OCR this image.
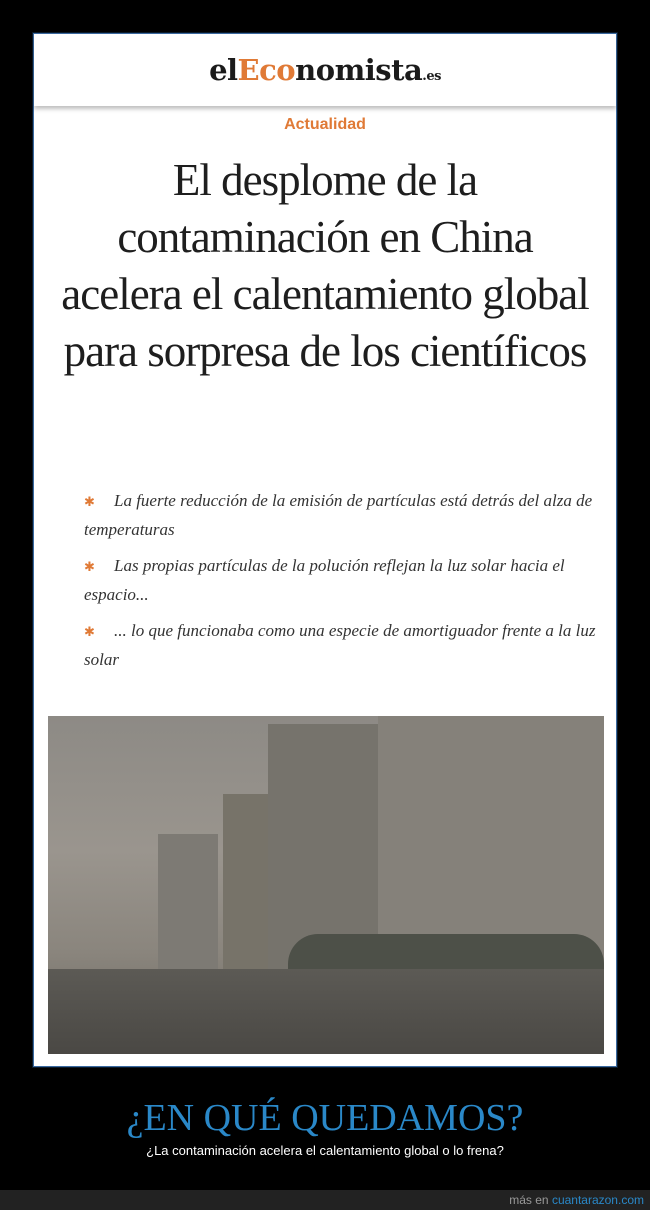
elEconomista.es
Actualidad
El desplome de la contaminación en China acelera el calentamiento global para sorpresa de los científicos
✱ La fuerte reducción de la emisión de partículas está detrás del alza de temperaturas
✱ Las propias partículas de la polución reflejan la luz solar hacia el espacio...
✱ ... lo que funcionaba como una especie de amortiguador frente a la luz solar
¿EN QUÉ QUEDAMOS?
¿La contaminación acelera el calentamiento global o lo frena?
más en cuantarazon.com
